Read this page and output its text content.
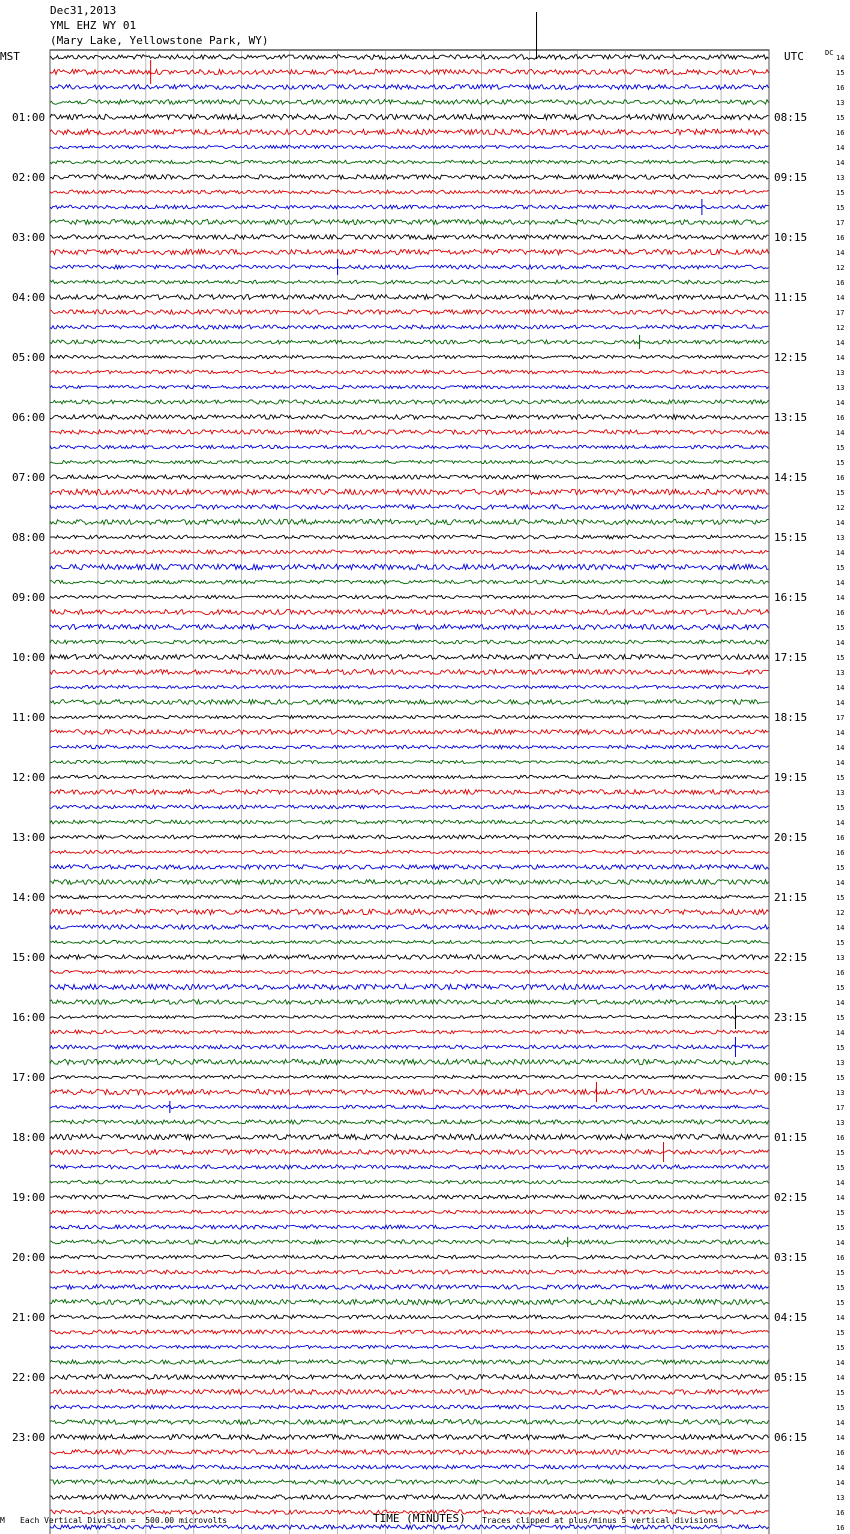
Dec31,2013
YML EHZ WY 01
(Mary Lake, Yellowstone Park, WY)
MST	UTC	DC
14
15
16
13
15
16
14
14
13
15
15
17
16
14
12
16
14
17
12
14
14
13
13
14
16
14
15
15
16
15
12
14
13
14
15
14
14
16
15
14
15
13
14
14
17
14
14
14
15
13
15
14
16
16
15
14
15
12
14
15
13
16
15
14
15
14
15
13
15
13
17
13
16
15
15
14
14
15
15
14
16
15
15
15
14
15
15
14
14
15
15
14
14
16
14
14
13
16
16
01:00
02:00
03:00
04:00
05:00
06:00
07:00
08:00
09:00
10:00
11:00
12:00
13:00
14:00
15:00
16:00
17:00
18:00
19:00
20:00
21:00
22:00
23:00
08:15
09:15
10:15
11:15
12:15
13:15
14:15
15:15
16:15
17:15
18:15
19:15
20:15
21:15
22:15
23:15
00:15
01:15
02:15
03:15
04:15
05:15
06:15
M Each Vertical Division =  500.00 microvolts	TIME (MINUTES) Traces clipped at plus/minus 5 vertical divisions
